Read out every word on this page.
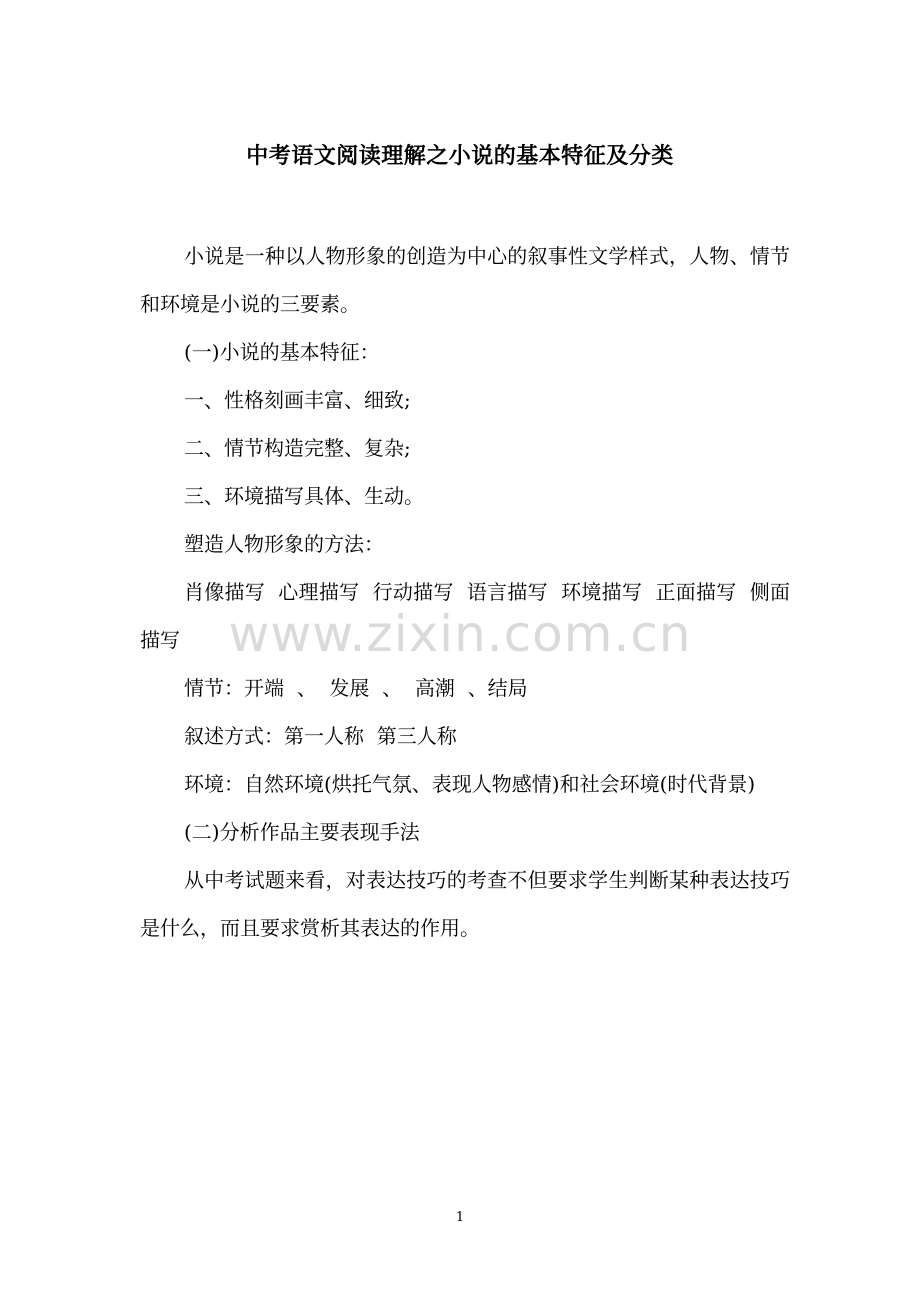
中考语文阅读理解之小说的基本特征及分类

小说是一种以人物形象的创造为中心的叙事性文学样式，人物、情节和环境是小说的三要素。

(一)小说的基本特征：

一、性格刻画丰富、细致;

二、情节构造完整、复杂;

三、环境描写具体、生动。

塑造人物形象的方法：

肖像描写  心理描写  行动描写  语言描写  环境描写  正面描写  侧面描写

情节：开端  、  发展  、  高潮  、结局

叙述方式：第一人称  第三人称

环境：自然环境(烘托气氛、表现人物感情)和社会环境(时代背景)

(二)分析作品主要表现手法

从中考试题来看，对表达技巧的考查不但要求学生判断某种表达技巧是什么，而且要求赏析其表达的作用。

www.zixin.com.cn
1
